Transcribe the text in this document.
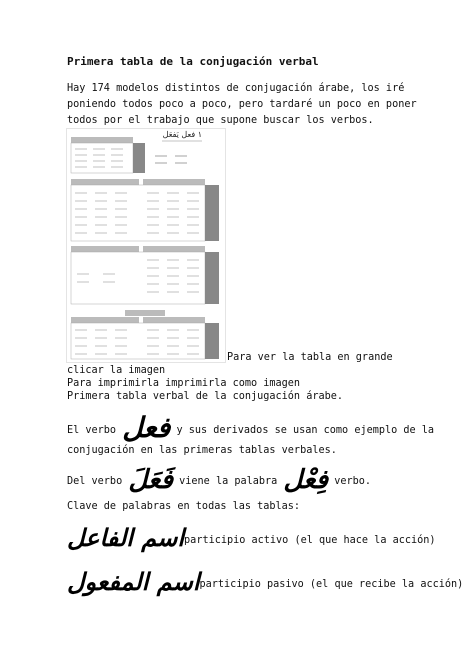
Primera tabla de la conjugación verbal

Hay 174 modelos distintos de conjugación árabe, los iré poniendo todos poco a poco, pero tardaré un poco en poner todos por el trabajo que supone buscar los verbos.

١ فعل يَفعَل

Para ver la tabla en grande

clicar la imagen

Para imprimirla imprimirla como imagen

Primera tabla verbal de la conjugación árabe.

El verbo فعل y sus derivados se usan como ejemplo de la

conjugación en las primeras tablas verbales.

Del verbo فَعَلَ viene la palabra فِعْل verbo.

Clave de palabras en todas las tablas:

اسم الفاعلparticipio activo (el que hace la acción)

اسم المفعولparticipio pasivo (el que recibe la acción)
